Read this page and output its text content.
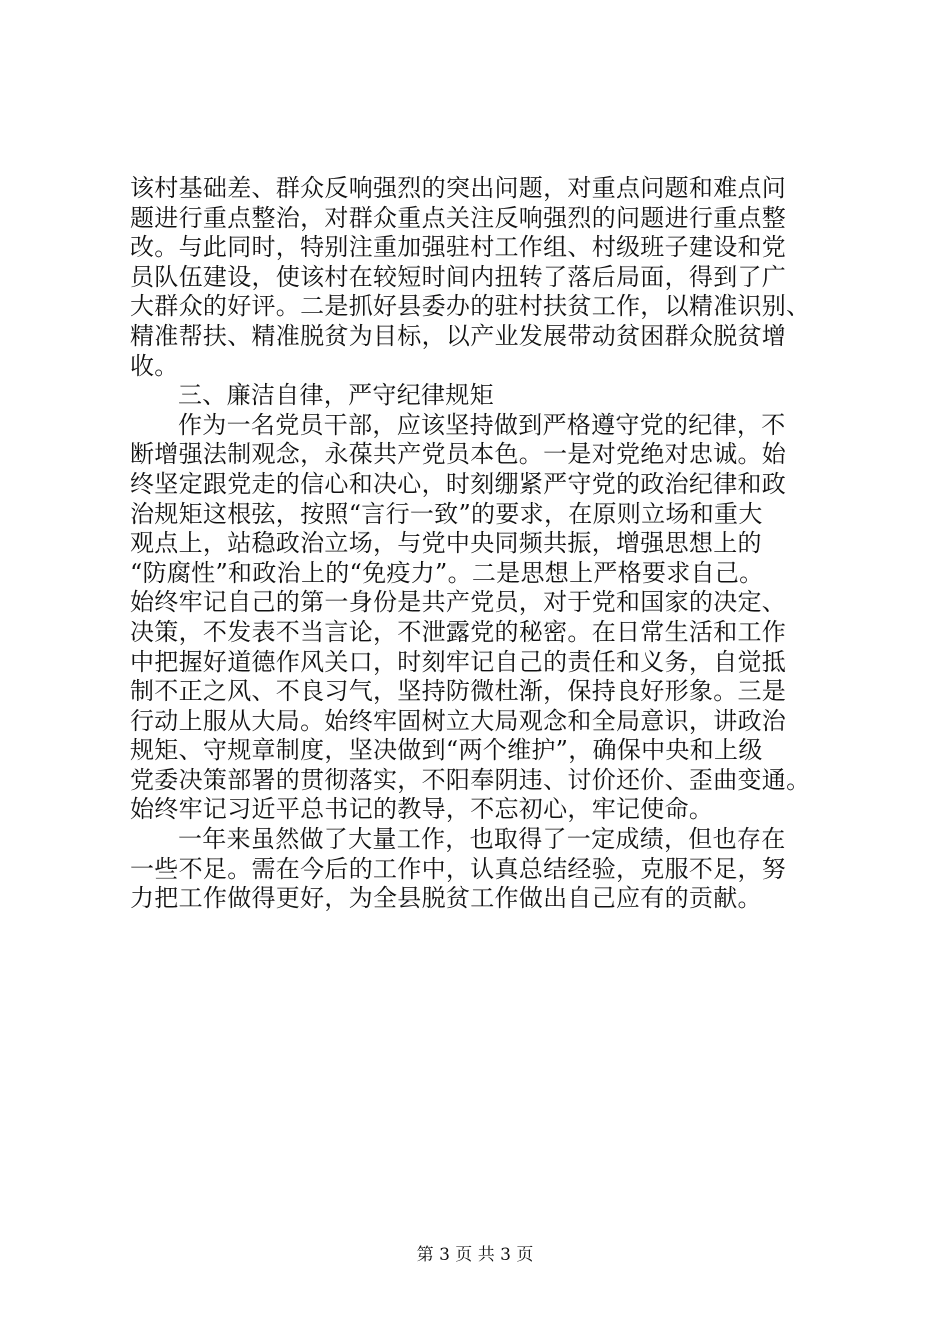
该村基础差、群众反响强烈的突出问题，对重点问题和难点问
题进行重点整治，对群众重点关注反响强烈的问题进行重点整
改。与此同时，特别注重加强驻村工作组、村级班子建设和党
员队伍建设，使该村在较短时间内扭转了落后局面，得到了广
大群众的好评。二是抓好县委办的驻村扶贫工作，以精准识别、
精准帮扶、精准脱贫为目标，以产业发展带动贫困群众脱贫增
收。
三、廉洁自律，严守纪律规矩
作为一名党员干部，应该坚持做到严格遵守党的纪律，不
断增强法制观念，永葆共产党员本色。一是对党绝对忠诚。始
终坚定跟党走的信心和决心，时刻绷紧严守党的政治纪律和政
治规矩这根弦，按照“言行一致”的要求，在原则立场和重大
观点上，站稳政治立场，与党中央同频共振，增强思想上的
“防腐性”和政治上的“免疫力”。二是思想上严格要求自己。
始终牢记自己的第一身份是共产党员，对于党和国家的决定、
决策，不发表不当言论，不泄露党的秘密。在日常生活和工作
中把握好道德作风关口，时刻牢记自己的责任和义务，自觉抵
制不正之风、不良习气，坚持防微杜渐，保持良好形象。三是
行动上服从大局。始终牢固树立大局观念和全局意识，讲政治
规矩、守规章制度，坚决做到“两个维护”，确保中央和上级
党委决策部署的贯彻落实，不阳奉阴违、讨价还价、歪曲变通。
始终牢记习近平总书记的教导，不忘初心，牢记使命。
一年来虽然做了大量工作，也取得了一定成绩，但也存在
一些不足。需在今后的工作中，认真总结经验，克服不足，努
力把工作做得更好，为全县脱贫工作做出自己应有的贡献。
第 3 页 共 3 页
